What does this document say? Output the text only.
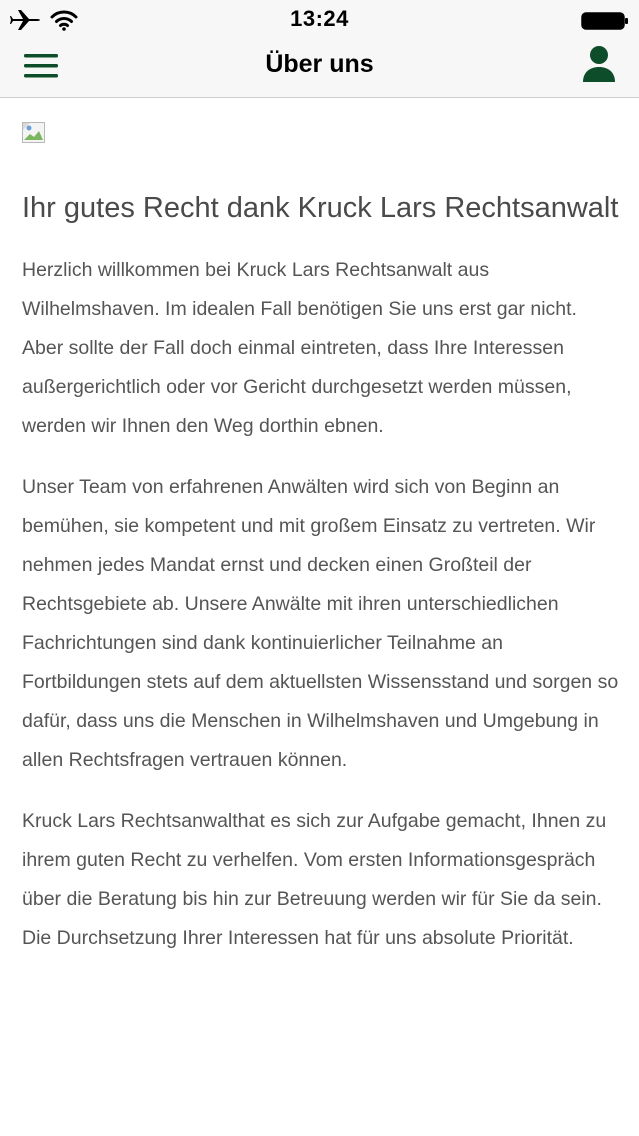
13:24
Über uns
Ihr gutes Recht dank Kruck Lars Rechtsanwalt

Herzlich willkommen bei Kruck Lars Rechtsanwalt aus Wilhelmshaven. Im idealen Fall benötigen Sie uns erst gar nicht. Aber sollte der Fall doch einmal eintreten, dass Ihre Interessen außergerichtlich oder vor Gericht durchgesetzt werden müssen, werden wir Ihnen den Weg dorthin ebnen.

Unser Team von erfahrenen Anwälten wird sich von Beginn an bemühen, sie kompetent und mit großem Einsatz zu vertreten. Wir nehmen jedes Mandat ernst und decken einen Großteil der Rechtsgebiete ab. Unsere Anwälte mit ihren unterschiedlichen Fachrichtungen sind dank kontinuierlicher Teilnahme an Fortbildungen stets auf dem aktuellsten Wissensstand und sorgen so dafür, dass uns die Menschen in Wilhelmshaven und Umgebung in allen Rechtsfragen vertrauen können.

Kruck Lars Rechtsanwalthat es sich zur Aufgabe gemacht, Ihnen zu ihrem guten Recht zu verhelfen. Vom ersten Informationsgespräch über die Beratung bis hin zur Betreuung werden wir für Sie da sein. Die Durchsetzung Ihrer Interessen hat für uns absolute Priorität.
